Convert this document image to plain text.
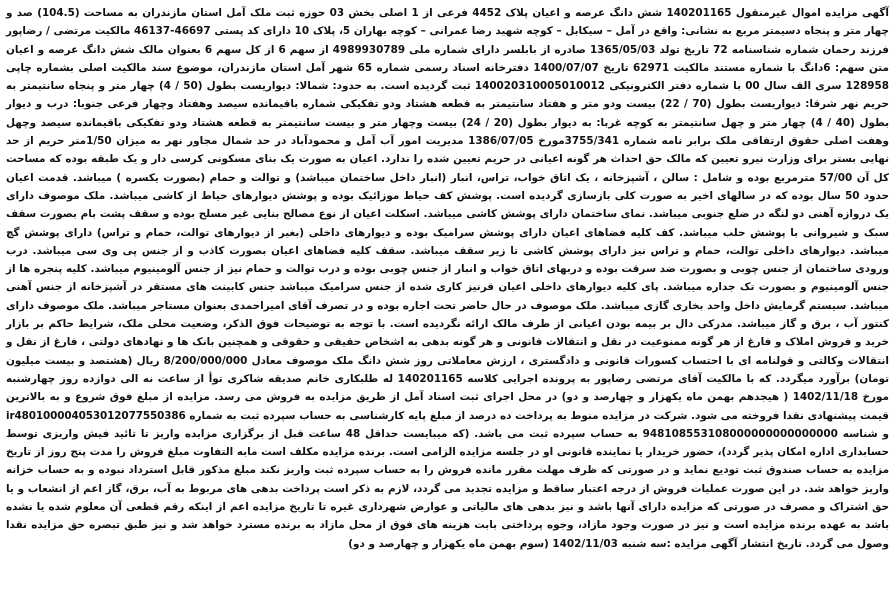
آگهی مزایده اموال غیرمنقول 140201165 شش دانگ عرصه و اعیان پلاک 4452 فرعی از 1 اصلی بخش 03 حوزه ثبت ملک آمل استان مازندران به مساحت (104.5) صد و چهار متر و پنجاه دسیمتر مربع به نشانی: واقع در آمل – سیکابل – کوچه شهید رضا عمرانی – کوچه بهاران 5، پلاک 10 دارای کد پستی 46697-46137 مالکیت مرتضی / رضاپور فرزند رحمان شماره شناسنامه 72 تاریخ تولد 1365/05/03 صادره از بابلسر دارای شماره ملی 4989930789 از سهم 6 از کل سهم 6 بعنوان مالک شش دانگ عرصه و اعیان متن سهم: 6دانگ با شماره مستند مالکیت 62971 تاریخ 1400/07/07 دفترخانه اسناد رسمی شماره 65 شهر آمل استان مازندران، موضوع سند مالکیت اصلی بشماره چاپی 128958 سری الف سال 00 با شماره دفتر الکترونیکی 140020310005010012 ثبت گردیده است. به حدود: شمالا: دیواریست بطول (50 / 4) چهار متر و پنجاه سانتیمتر به حریم نهر شرقا: دیواریست بطول (70 / 22) بیست ودو متر و هفتاد سانتیمتر به قطعه هشتاد ودو تفکیکی شماره باقیمانده سیصد وهفتاد وچهار فرعی جنوبا: درب و دیوار بطول (40 / 4) چهار متر و چهل سانتیمتر به کوچه غربا: به دیوار بطول (20 / 24) بیست وچهار متر و بیست سانتیمتر به قطعه هشتاد ودو تفکیکی باقیمانده سیصد وچهل وهفت اصلی حقوق ارتفاقی ملک برابر نامه شماره 3755/341مورخ 1386/07/05 مدیریت امور آب آمل و محمودآباد در حد شمال مجاور نهر به میزان 1/50متر حریم از حد نهایی بستر برای وزارت نیرو تعیین که مالک حق احداث هر گونه اعیانی در حریم تعیین شده را ندارد. اعیان به صورت یک بنای مسکونی کرسی دار و یک طبقه بوده که مساحت کل آن 57/00 مترمربع بوده و شامل : سالن ، آشپزخانه ، یک اتاق خواب، تراس، انبار (انبار داخل ساختمان میباشد) و توالت و حمام (بصورت یکسره ) میباشد. قدمت اعیان حدود 50 سال بوده که در سالهای اخیر به صورت کلی بازسازی گردیده است. پوشش کف حیاط موزائیک بوده و پوشش دیوارهای حیاط از کاشی میباشد. ملک موصوف دارای یک دروازه آهنی دو لنگه در ضلع جنوبی میباشد. نمای ساختمان دارای پوشش کاشی میباشد. اسکلت اعیان از نوع مصالح بنایی غیر مسلح بوده و سقف پشت بام بصورت سقف سبک و شیروانی با پوشش حلب میباشد. کف کلیه فضاهای اعیان دارای پوشش سرامیک بوده و دیوارهای داخلی (بغیر از دیوارهای توالت، حمام و تراس) دارای پوشش گچ میباشد. دیوارهای داخلی توالت، حمام و تراس نیز دارای پوشش کاشی تا زیر سقف میباشد. سقف کلیه فضاهای اعیان بصورت کاذب و از جنس پی وی سی میباشد. درب ورودی ساختمان از جنس چوبی و بصورت ضد سرقت بوده و دربهای اتاق خواب و انبار از جنس چوبی بوده و درب توالت و حمام نیز از جنس آلومینیوم میباشد. کلیه پنجره ها از جنس آلومینیوم و بصورت تک جداره میباشد. پای کلیه دیوارهای داخلی اعیان قرنیز کاری شده از جنس سرامیک میباشد جنس کابینت های مستقر در آشپزخانه از جنس آهنی میباشد. سیستم گرمایش داخل واحد بخاری گازی میباشد. ملک موصوف در حال حاضر تحت اجاره بوده و در تصرف آقای امیراحمدی بعنوان مستاجر میباشد. ملک موصوف دارای کنتور آب ، برق و گاز میباشد. مدرکی دال بر بیمه بودن اعیانی از طرف مالک ارائه نگردیده است. با توجه به توضیحات فوق الذکر، وضعیت محلی ملک، شرایط حاکم بر بازار خرید و فروش املاک و فارغ از هر گونه ممنوعیت در نقل و انتقالات قانونی و هر گونه بدهی به اشخاص حقیقی و حقوقی و همچنین بانک ها و نهادهای دولتی ، فارغ از نقل و انتقالات وکالتی و قولنامه ای با احتساب کسورات قانونی و دادگستری ، ارزش معاملاتی روز شش دانگ ملک موصوف معادل 8/200/000/000 ریال (هشتصد و بیست میلیون تومان) برآورد میگردد. که با مالکیت آقای مرتضی رضاپور به پرونده اجرایی کلاسه 140201165 له طلبکاری خانم صدیقه شاکری توأ از ساعت نه الی دوازده روز چهارشنبه مورخ 1402/11/18 ( هیجدهم بهمن ماه یکهزار و چهارصد و دو) در محل اجرای ثبت اسناد آمل از طریق مزایده به فروش می رسد. مزایده از مبلغ فوق شروع و به بالاترین قیمت پیشنهادی نقدا فروخته می شود. شرکت در مزایده منوط به پرداخت ده درصد از مبلغ پایه کارشناسی به حساب سپرده ثبت به شماره ir480100004053012077550386 و شناسه 948108553108000000000000000 به حساب سپرده ثبت می باشد. (که میبایست حداقل 48 ساعت قبل از برگزاری مزایده واریز تا تائید فیش واریزی توسط حسابداری اداره امکان پذیر گردد)، حضور خریدار یا نماینده قانونی او در جلسه مزایده الزامی است. برنده مزایده مکلف است مابه التفاوت مبلغ فروش را مدت پنج روز از تاریخ مزایده به حساب صندوق ثبت تودیع نماید و در صورتی که ظرف مهلت مقرر مانده فروش را به حساب سپرده ثبت واریز نکند مبلغ مذکور قابل استرداد نبوده و به حساب خزانه واریز خواهد شد. در این صورت عملیات فروش از درجه اعتبار ساقط و مزایده تجدید می گردد، لازم به ذکر است پرداخت بدهی های مربوط به آب، برق، گاز اعم از انشعاب و یا حق اشتراک و مصرف در صورتی که مزایده دارای آنها باشد و نیز بدهی های مالیاتی و عوارض شهرداری غیره تا تاریخ مزایده اعم از اینکه رقم قطعی آن معلوم شده یا نشده باشد به عهده برنده مزایده است و نیز در صورت وجود مازاد، وجوه پرداختی بابت هزینه های فوق از محل مازاد به برنده مسترد خواهد شد و نیز طبق تبصره حق مزایده نقدا وصول می گردد. تاریخ انتشار آگهی مزایده :سه شنبه 1402/11/03 (سوم بهمن ماه یکهزار و چهارصد و دو)
